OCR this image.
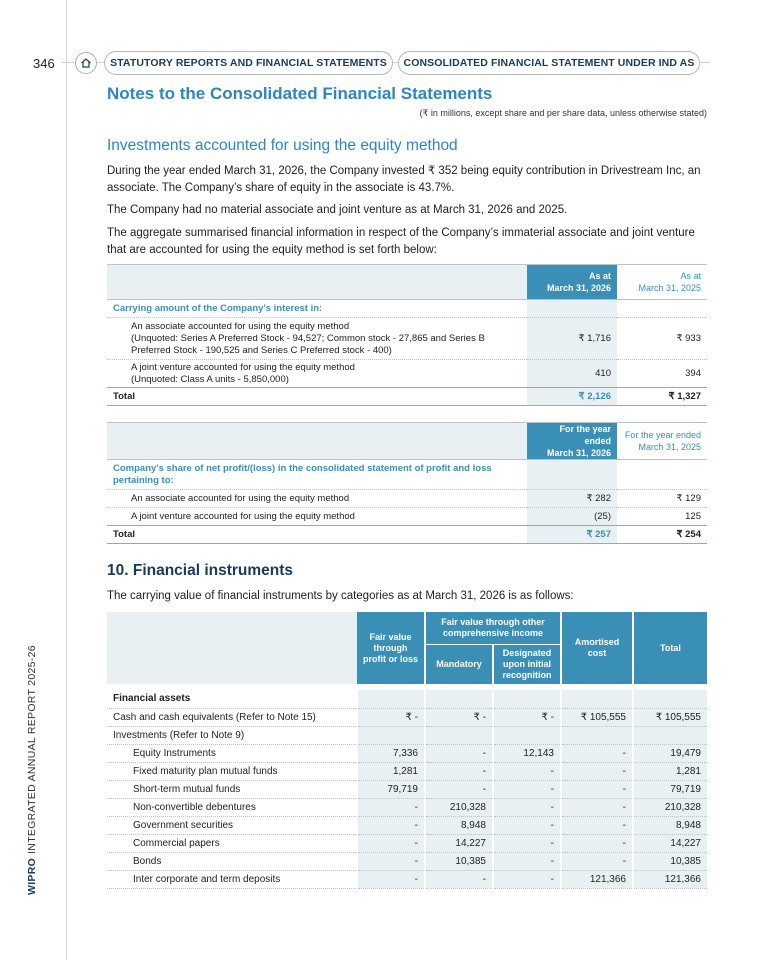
WIPROINTEGRATED ANNUAL REPORT 2025-26
346	STATUTORY REPORTS AND FINANCIAL STATEMENTS	CONSOLIDATED FINANCIAL STATEMENT UNDER IND AS
Notes to the Consolidated Financial Statements
(₹ in millions, except share and per share data, unless otherwise stated)
Investments accounted for using the equity method
During the year ended March 31, 2026, the Company invested ₹ 352 being equity contribution in Drivestream Inc, an associate. The Company’s share of equity in the associate is 43.7%.
The Company had no material associate and joint venture as at March 31, 2026 and 2025.
The aggregate summarised financial information in respect of the Company’s immaterial associate and joint venture that are accounted for using the equity method is set forth below:
	As at
March 31, 2026	As at
March 31, 2025
Carrying amount of the Company’s interest in:		
An associate accounted for using the equity method
(Unquoted: Series A Preferred Stock - 94,527; Common stock - 27,865 and Series B Preferred Stock - 190,525 and Series C Preferred stock - 400)	₹ 1,716	₹ 933
A joint venture accounted for using the equity method
(Unquoted: Class A units - 5,850,000)	410	394
Total	₹ 2,126	₹ 1,327
	For the year ended
March 31, 2026	For the year ended
March 31, 2025
Company’s share of net profit/(loss) in the consolidated statement of profit and loss pertaining to:		
An associate accounted for using the equity method	₹ 282	₹ 129
A joint venture accounted for using the equity method	(25)	125
Total	₹ 257	₹ 254
10. Financial instruments
The carrying value of financial instruments by categories as at March 31, 2026 is as follows:
	Fair value
through
profit or loss	Fair value through other
comprehensive income		Amortised
cost	Total
		Mandatory	Designated
upon initial
recognition		

Financial assets					
Cash and cash equivalents (Refer to Note 15)	₹ -	₹ -	₹ -	₹ 105,555	₹ 105,555
Investments (Refer to Note 9)					
Equity Instruments	7,336	-	12,143	-	19,479
Fixed maturity plan mutual funds	1,281	-	-	-	1,281
Short-term mutual funds	79,719	-	-	-	79,719
Non-convertible debentures	-	210,328	-	-	210,328
Government securities	-	8,948	-	-	8,948
Commercial papers	-	14,227	-	-	14,227
Bonds	-	10,385	-	-	10,385
Inter corporate and term deposits	-	-	-	121,366	121,366
